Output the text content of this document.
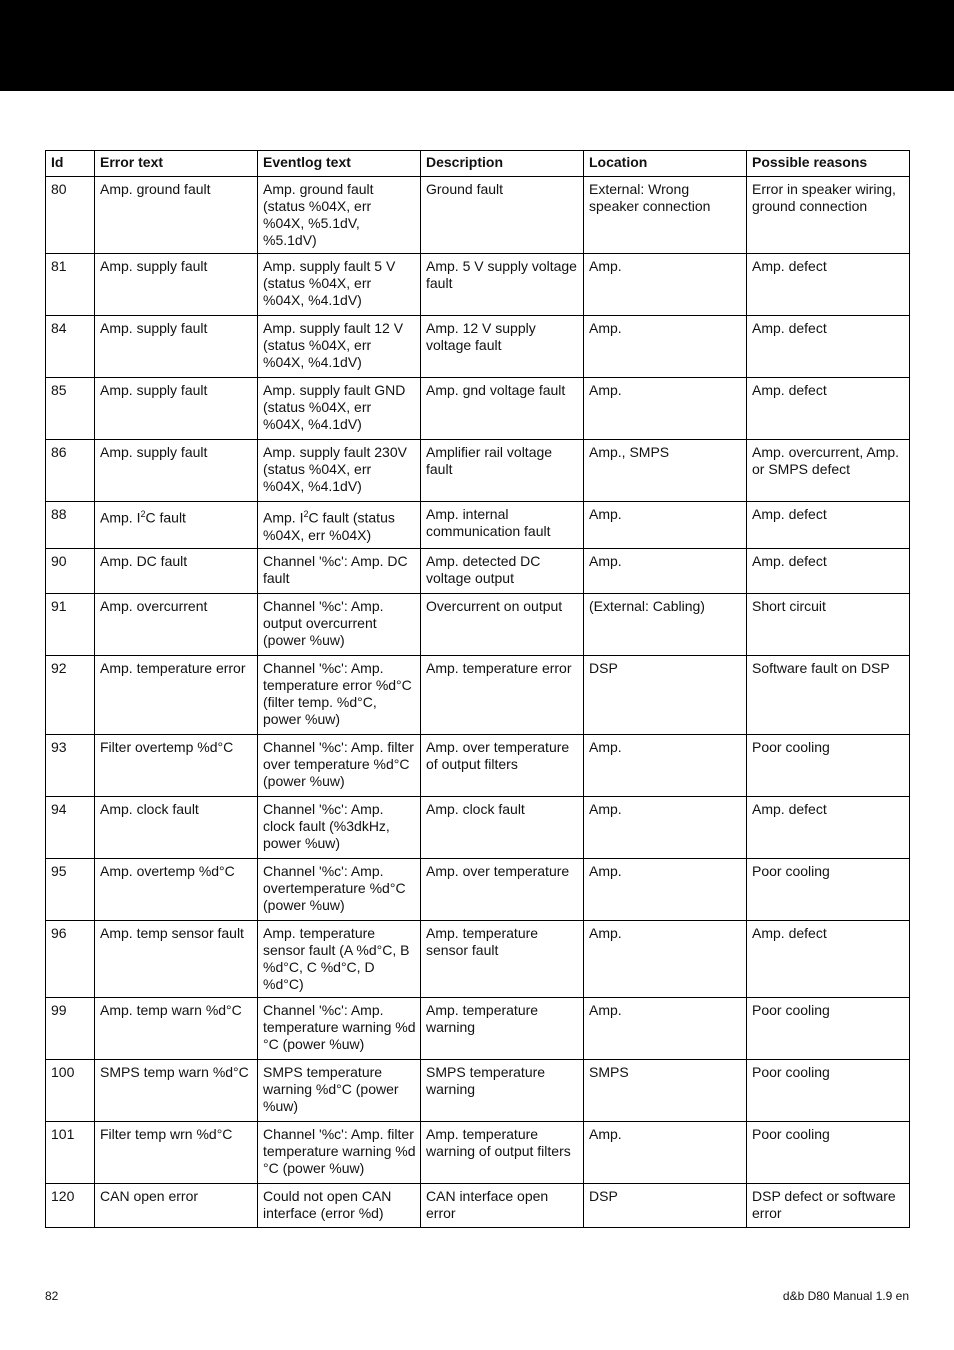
Id	Error text	Eventlog text	Description	Location	Possible reasons
80	Amp. ground fault	Amp. ground fault (status %04X, err %04X, %5.1dV, %5.1dV)	Ground fault	External: Wrong speaker connection	Error in speaker wiring, ground connection
81	Amp. supply fault	Amp. supply fault 5 V (status %04X, err %04X, %4.1dV)	Amp. 5 V supply voltage fault	Amp.	Amp. defect
84	Amp. supply fault	Amp. supply fault 12 V (status %04X, err %04X, %4.1dV)	Amp. 12 V supply voltage fault	Amp.	Amp. defect
85	Amp. supply fault	Amp. supply fault GND (status %04X, err %04X, %4.1dV)	Amp. gnd voltage fault	Amp.	Amp. defect
86	Amp. supply fault	Amp. supply fault 230V (status %04X, err %04X, %4.1dV)	Amplifier rail voltage fault	Amp., SMPS	Amp. overcurrent, Amp. or SMPS defect
88	Amp. $I^2C$ fault	Amp. $I^2C$ fault (status %04X, err %04X)	Amp. internal communication fault	Amp.	Amp. defect
90	Amp. DC fault	Channel '%c': Amp. DC fault	Amp. detected DC voltage output	Amp.	Amp. defect
91	Amp. overcurrent	Channel '%c': Amp. output overcurrent (power %uw)	Overcurrent on output	(External: Cabling)	Short circuit
92	Amp. temperature error	Channel '%c': Amp. temperature error %d°C (filter temp. %d°C, power %uw)	Amp. temperature error	DSP	Software fault on DSP
93	Filter overtemp %d°C	Channel '%c': Amp. filter over temperature %d°C (power %uw)	Amp. over temperature of output filters	Amp.	Poor cooling
94	Amp. clock fault	Channel '%c': Amp. clock fault (%3dkHz, power %uw)	Amp. clock fault	Amp.	Amp. defect
95	Amp. overtemp %d°C	Channel '%c': Amp. overtemperature %d°C (power %uw)	Amp. over temperature	Amp.	Poor cooling
96	Amp. temp sensor fault	Amp. temperature sensor fault (A %d°C, B %d°C, C %d°C, D %d°C)	Amp. temperature sensor fault	Amp.	Amp. defect
99	Amp. temp warn %d°C	Channel '%c': Amp. temperature warning %d °C (power %uw)	Amp. temperature warning	Amp.	Poor cooling
100	SMPS temp warn %d°C	SMPS temperature warning %d°C (power %uw)	SMPS temperature warning	SMPS	Poor cooling
101	Filter temp wrn %d°C	Channel '%c': Amp. filter temperature warning %d °C (power %uw)	Amp. temperature warning of output filters	Amp.	Poor cooling
120	CAN open error	Could not open CAN interface (error %d)	CAN interface open error	DSP	DSP defect or software error
82	d&b D80 Manual 1.9 en
